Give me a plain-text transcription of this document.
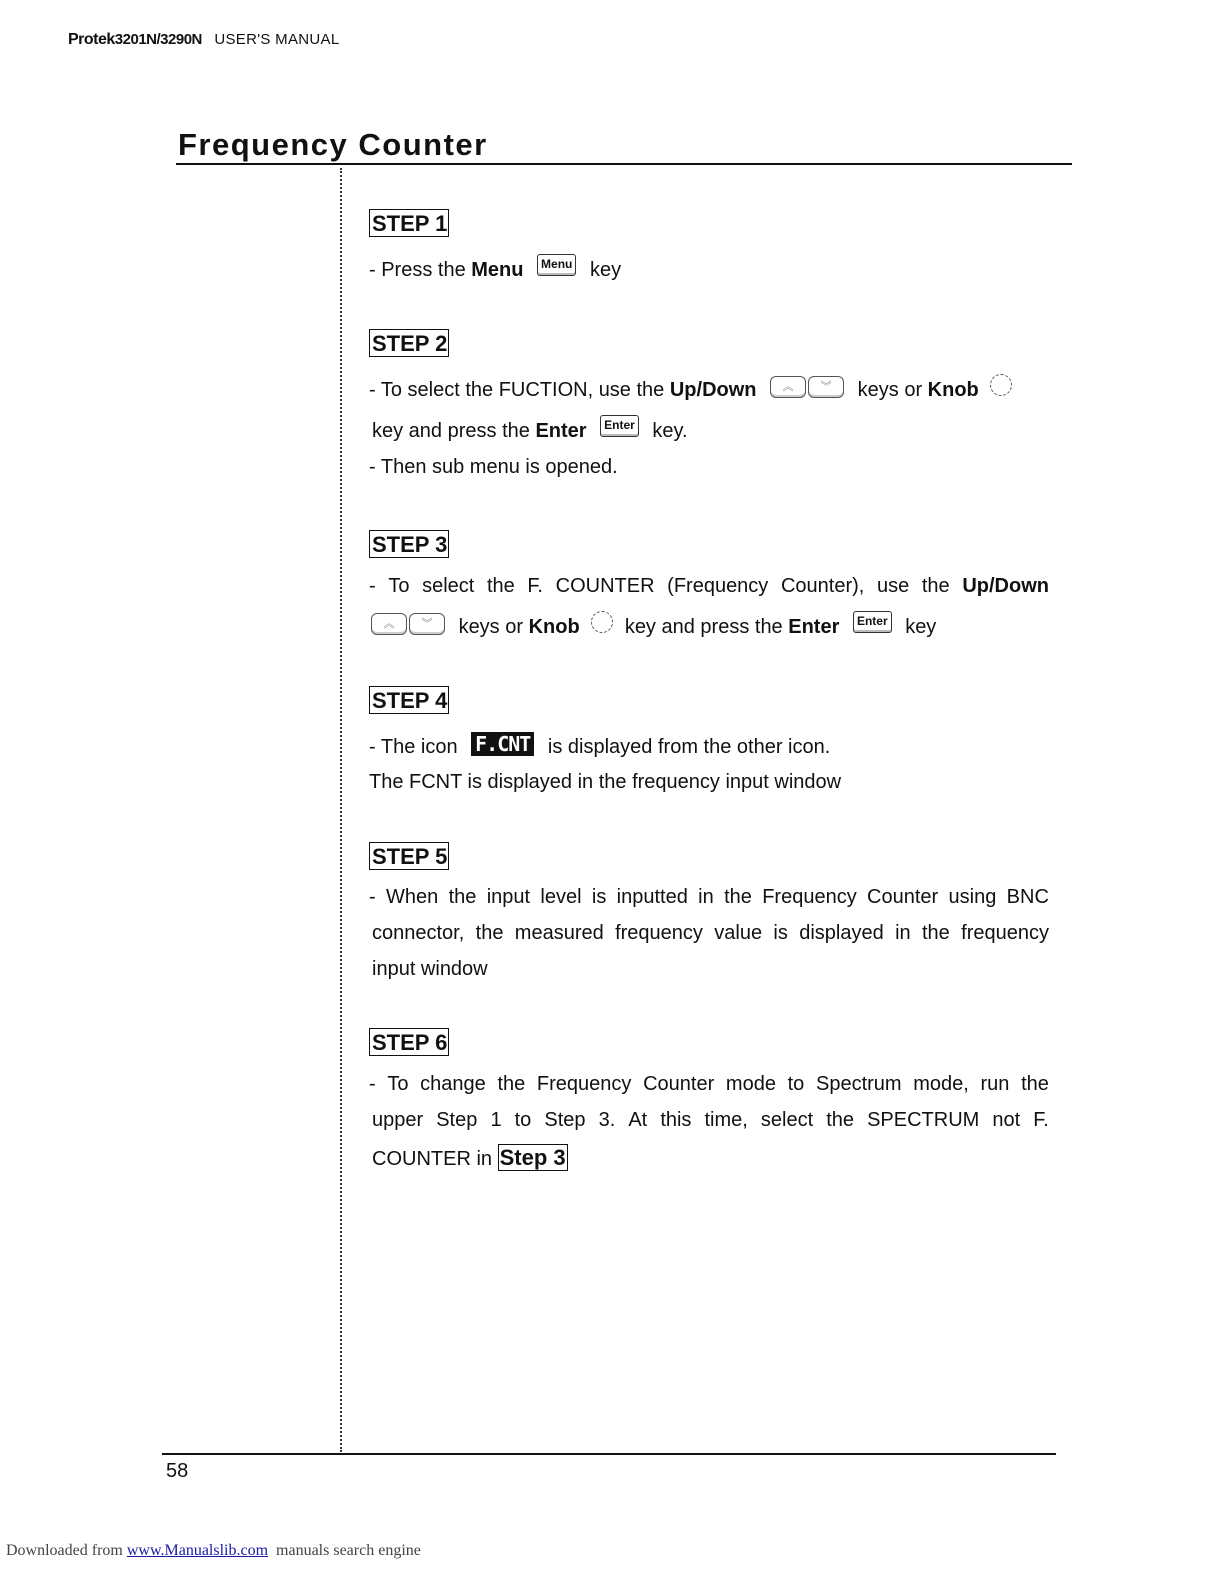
Protek3201N/3290N USER'S MANUAL
Frequency Counter
STEP 1
- Press the Menu Menu key
STEP 2
- To select the FUCTION, use the Up/Down	︽	︾	keys or Knob
key and press the Enter Enter key.
- Then sub menu is opened.
STEP 3
- To select the F. COUNTER (Frequency Counter), use the Up/Down
︽	︾	keys or Knob key and press the Enter Enter key
STEP 4
- The icon F.CNT is displayed from the other icon.
The FCNT is displayed in the frequency input window
STEP 5
- When the input level is inputted in the Frequency Counter using BNC
connector, the measured frequency value is displayed in the frequency
input window
STEP 6
- To change the Frequency Counter mode to Spectrum mode, run the
upper Step 1 to Step 3. At this time, select the SPECTRUM not F.
COUNTER in Step 3
58
Downloaded from www.Manualslib.com  manuals search engine
